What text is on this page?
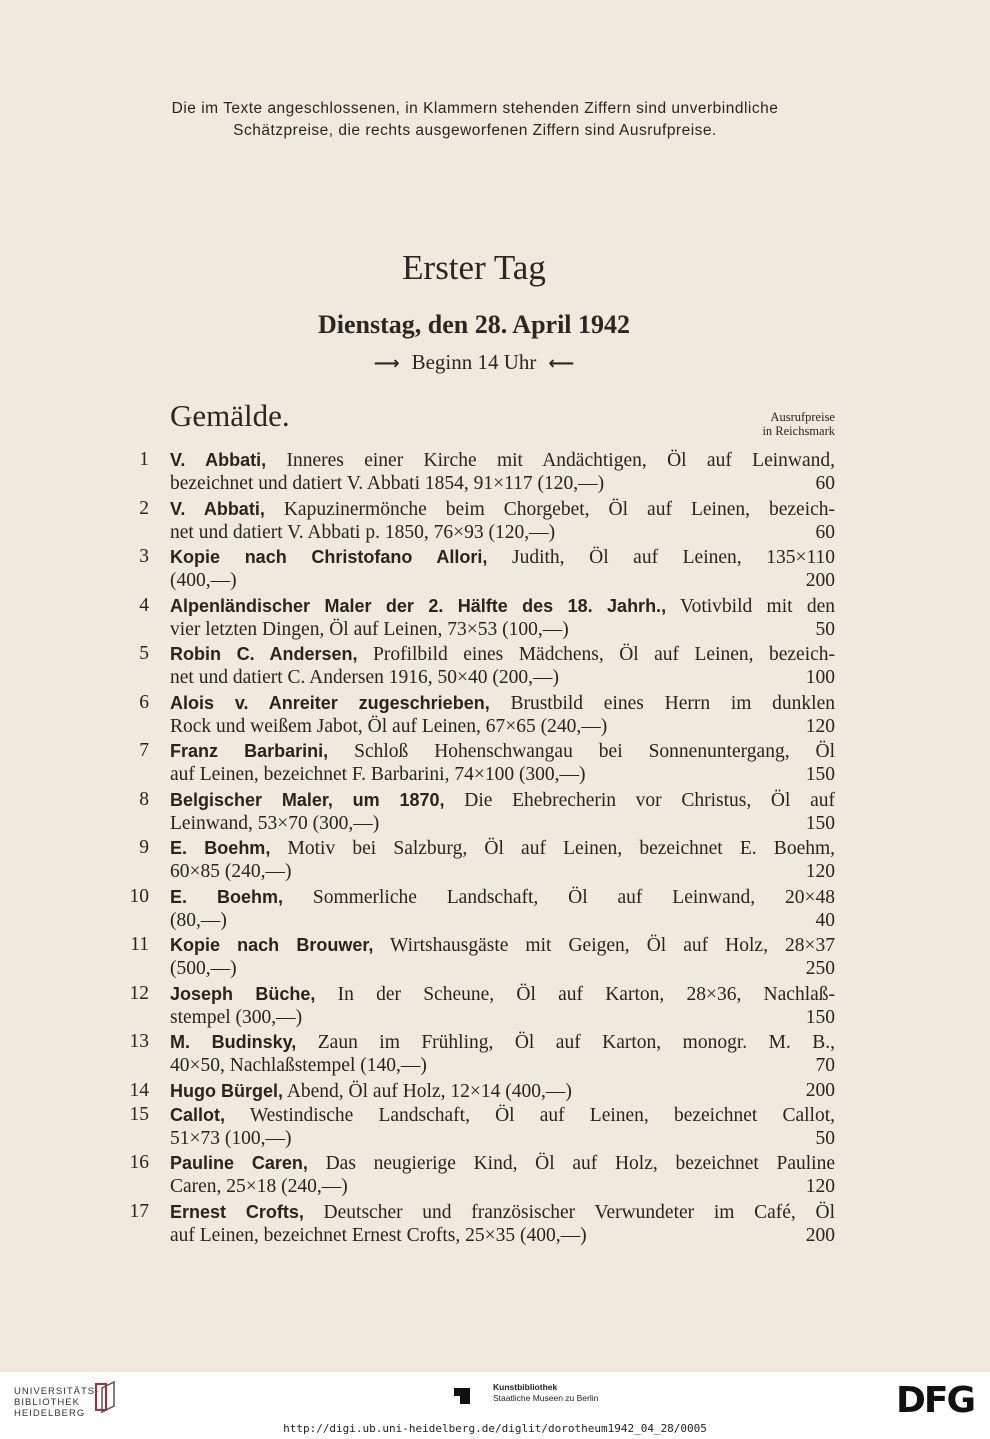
Die im Texte angeschlossenen, in Klammern stehenden Ziffern sind unverbindliche
Schätzpreise, die rechts ausgeworfenen Ziffern sind Ausrufpreise.
Erster Tag
Dienstag, den 28. April 1942
⟶ Beginn 14 Uhr ⟵
Gemälde.	Ausrufpreise
in Reichsmark
1 V. Abbati, Inneres einer Kirche mit Andächtigen, Öl auf Leinwand,
bezeichnet und datiert V. Abbati 1854, 91×117 (120,—)	60
2 V. Abbati, Kapuzinermönche beim Chorgebet, Öl auf Leinen, bezeich-
net und datiert V. Abbati p. 1850, 76×93 (120,—)	60
3 Kopie nach Christofano Allori, Judith, Öl auf Leinen, 135×110
(400,—)	200
4 Alpenländischer Maler der 2. Hälfte des 18. Jahrh., Votivbild mit den
vier letzten Dingen, Öl auf Leinen, 73×53 (100,—)	50
5 Robin C. Andersen, Profilbild eines Mädchens, Öl auf Leinen, bezeich-
net und datiert C. Andersen 1916, 50×40 (200,—)	100
6 Alois v. Anreiter zugeschrieben, Brustbild eines Herrn im dunklen
Rock und weißem Jabot, Öl auf Leinen, 67×65 (240,—)	120
7 Franz Barbarini, Schloß Hohenschwangau bei Sonnenuntergang, Öl
auf Leinen, bezeichnet F. Barbarini, 74×100 (300,—)	150
8 Belgischer Maler, um 1870, Die Ehebrecherin vor Christus, Öl auf
Leinwand, 53×70 (300,—)	150
9 E. Boehm, Motiv bei Salzburg, Öl auf Leinen, bezeichnet E. Boehm,
60×85 (240,—)	120
10 E. Boehm, Sommerliche Landschaft, Öl auf Leinwand, 20×48
(80,—)	40
11 Kopie nach Brouwer, Wirtshausgäste mit Geigen, Öl auf Holz, 28×37
(500,—)	250
12 Joseph Büche, In der Scheune, Öl auf Karton, 28×36, Nachlaß-
stempel (300,—)	150
13 M. Budinsky, Zaun im Frühling, Öl auf Karton, monogr. M. B.,
40×50, Nachlaßstempel (140,—)	70
14 Hugo Bürgel, Abend, Öl auf Holz, 12×14 (400,—)	200
15 Callot, Westindische Landschaft, Öl auf Leinen, bezeichnet Callot,
51×73 (100,—)	50
16 Pauline Caren, Das neugierige Kind, Öl auf Holz, bezeichnet Pauline
Caren, 25×18 (240,—)	120
17 Ernest Crofts, Deutscher und französischer Verwundeter im Café, Öl
auf Leinen, bezeichnet Ernest Crofts, 25×35 (400,—)	200
UNIVERSITÄTS-
BIBLIOTHEK
HEIDELBERG
Kunstbibliothek
Staatliche Museen zu Berlin	DFG
http://digi.ub.uni-heidelberg.de/diglit/dorotheum1942_04_28/0005
